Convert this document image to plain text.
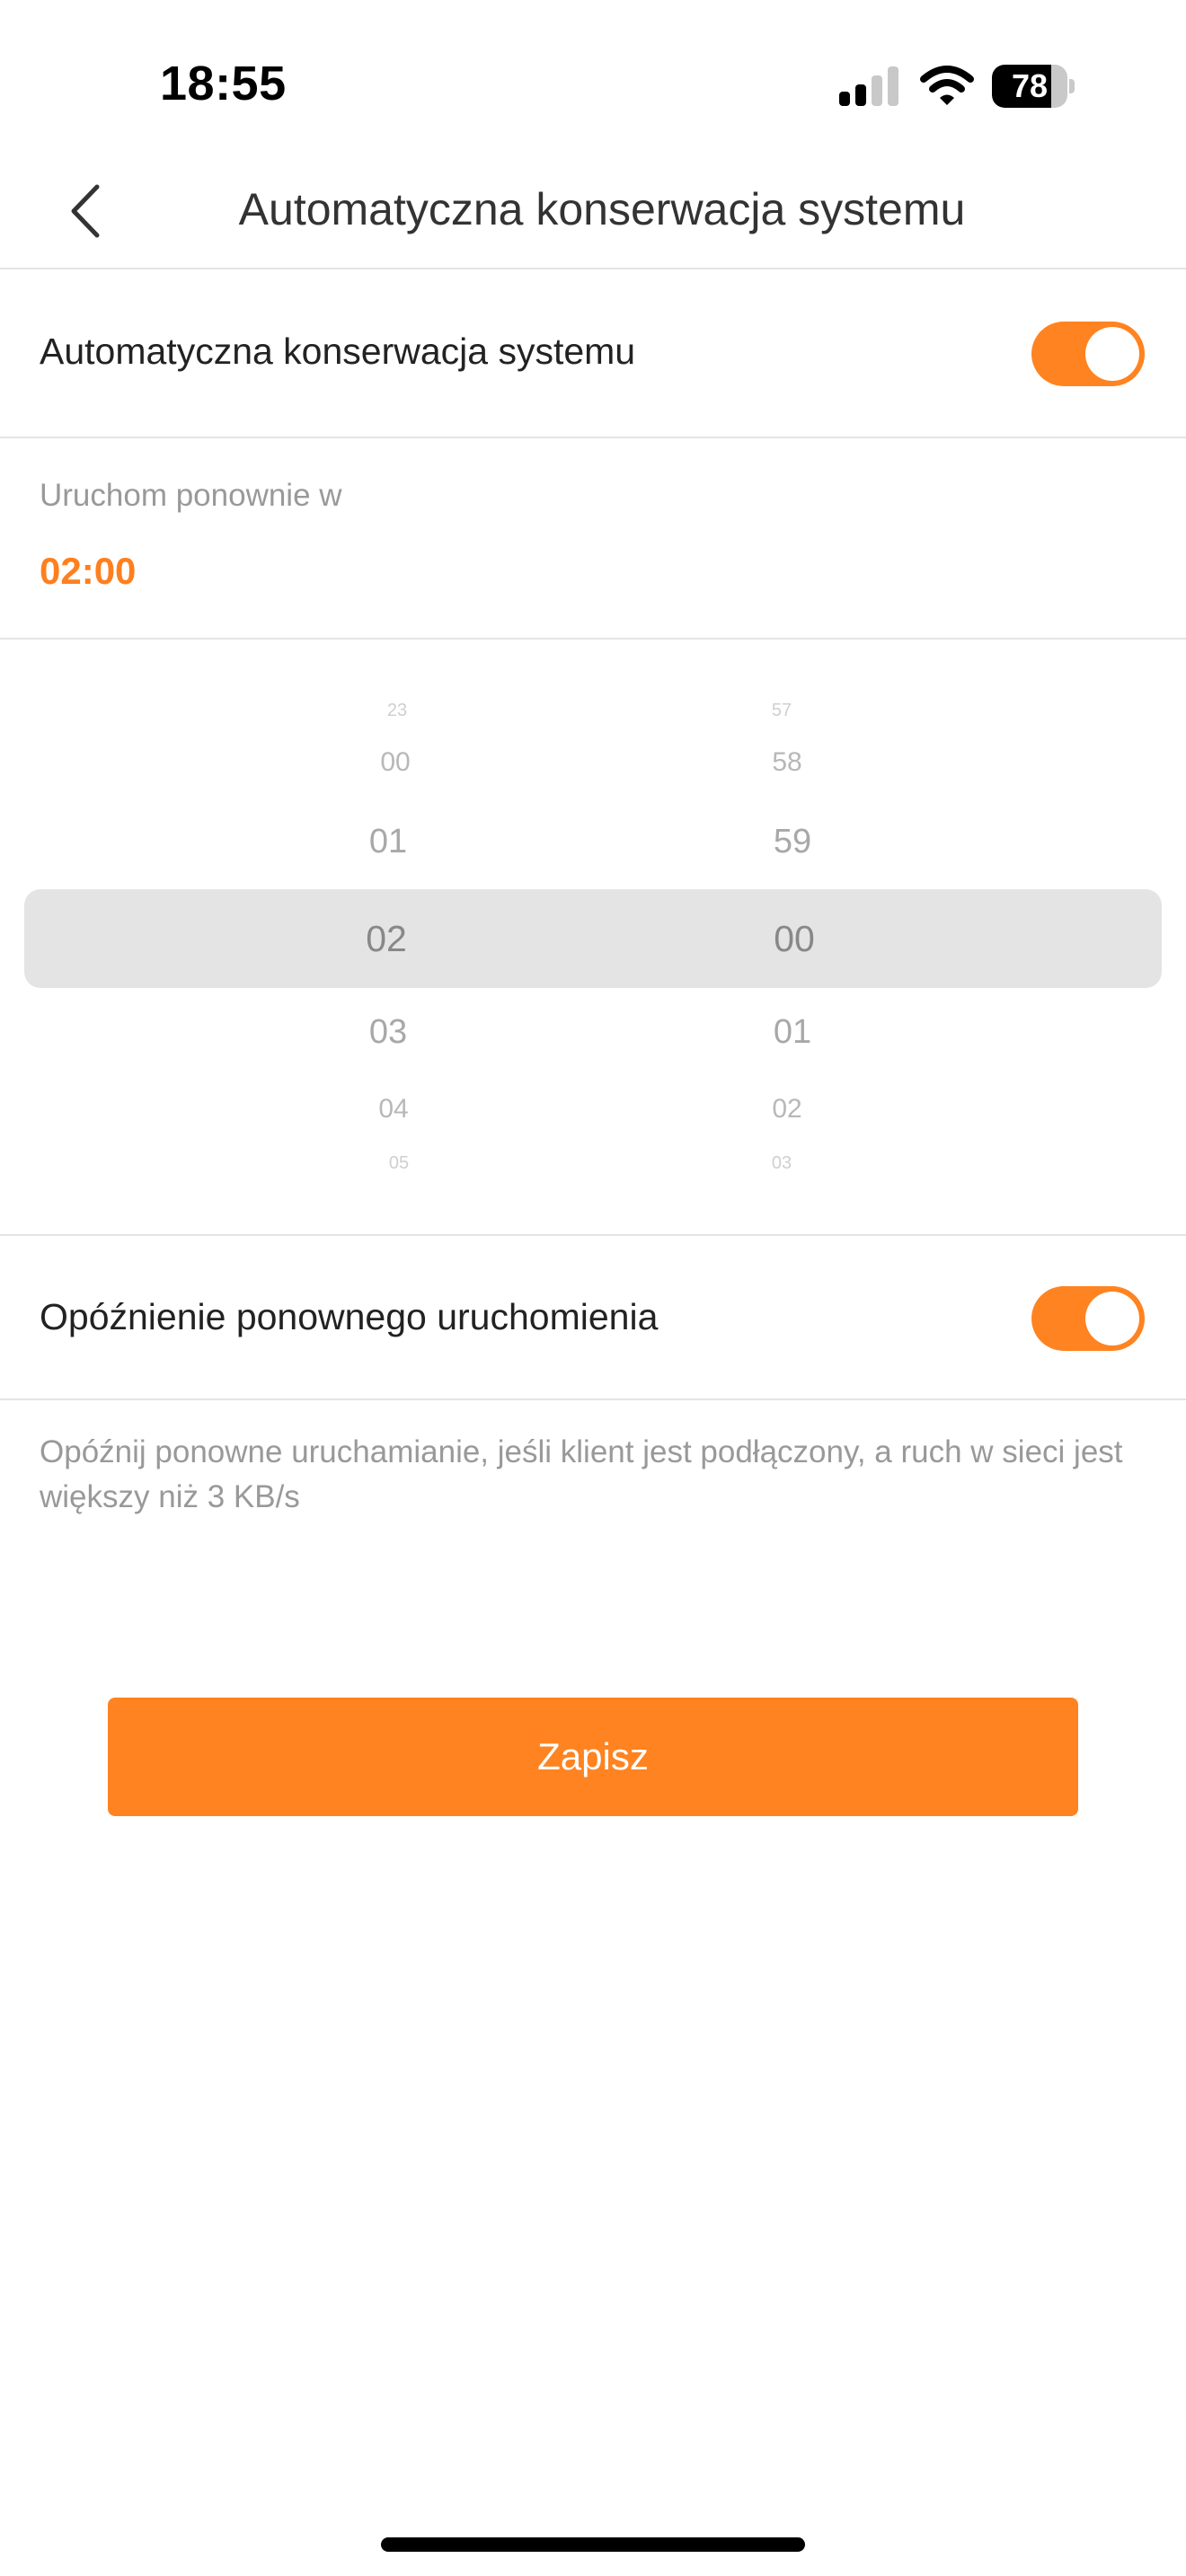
18:55	78
Automatyczna konserwacja systemu
Automatyczna konserwacja systemu
Uruchom ponownie w
02:00
23
00
01
02
03
04
05
57
58
59
00
01
02
03
Opóźnienie ponownego uruchomienia
Opóźnij ponowne uruchamianie, jeśli klient jest podłączony, a ruch w sieci jest większy niż 3 KB/s
Zapisz
